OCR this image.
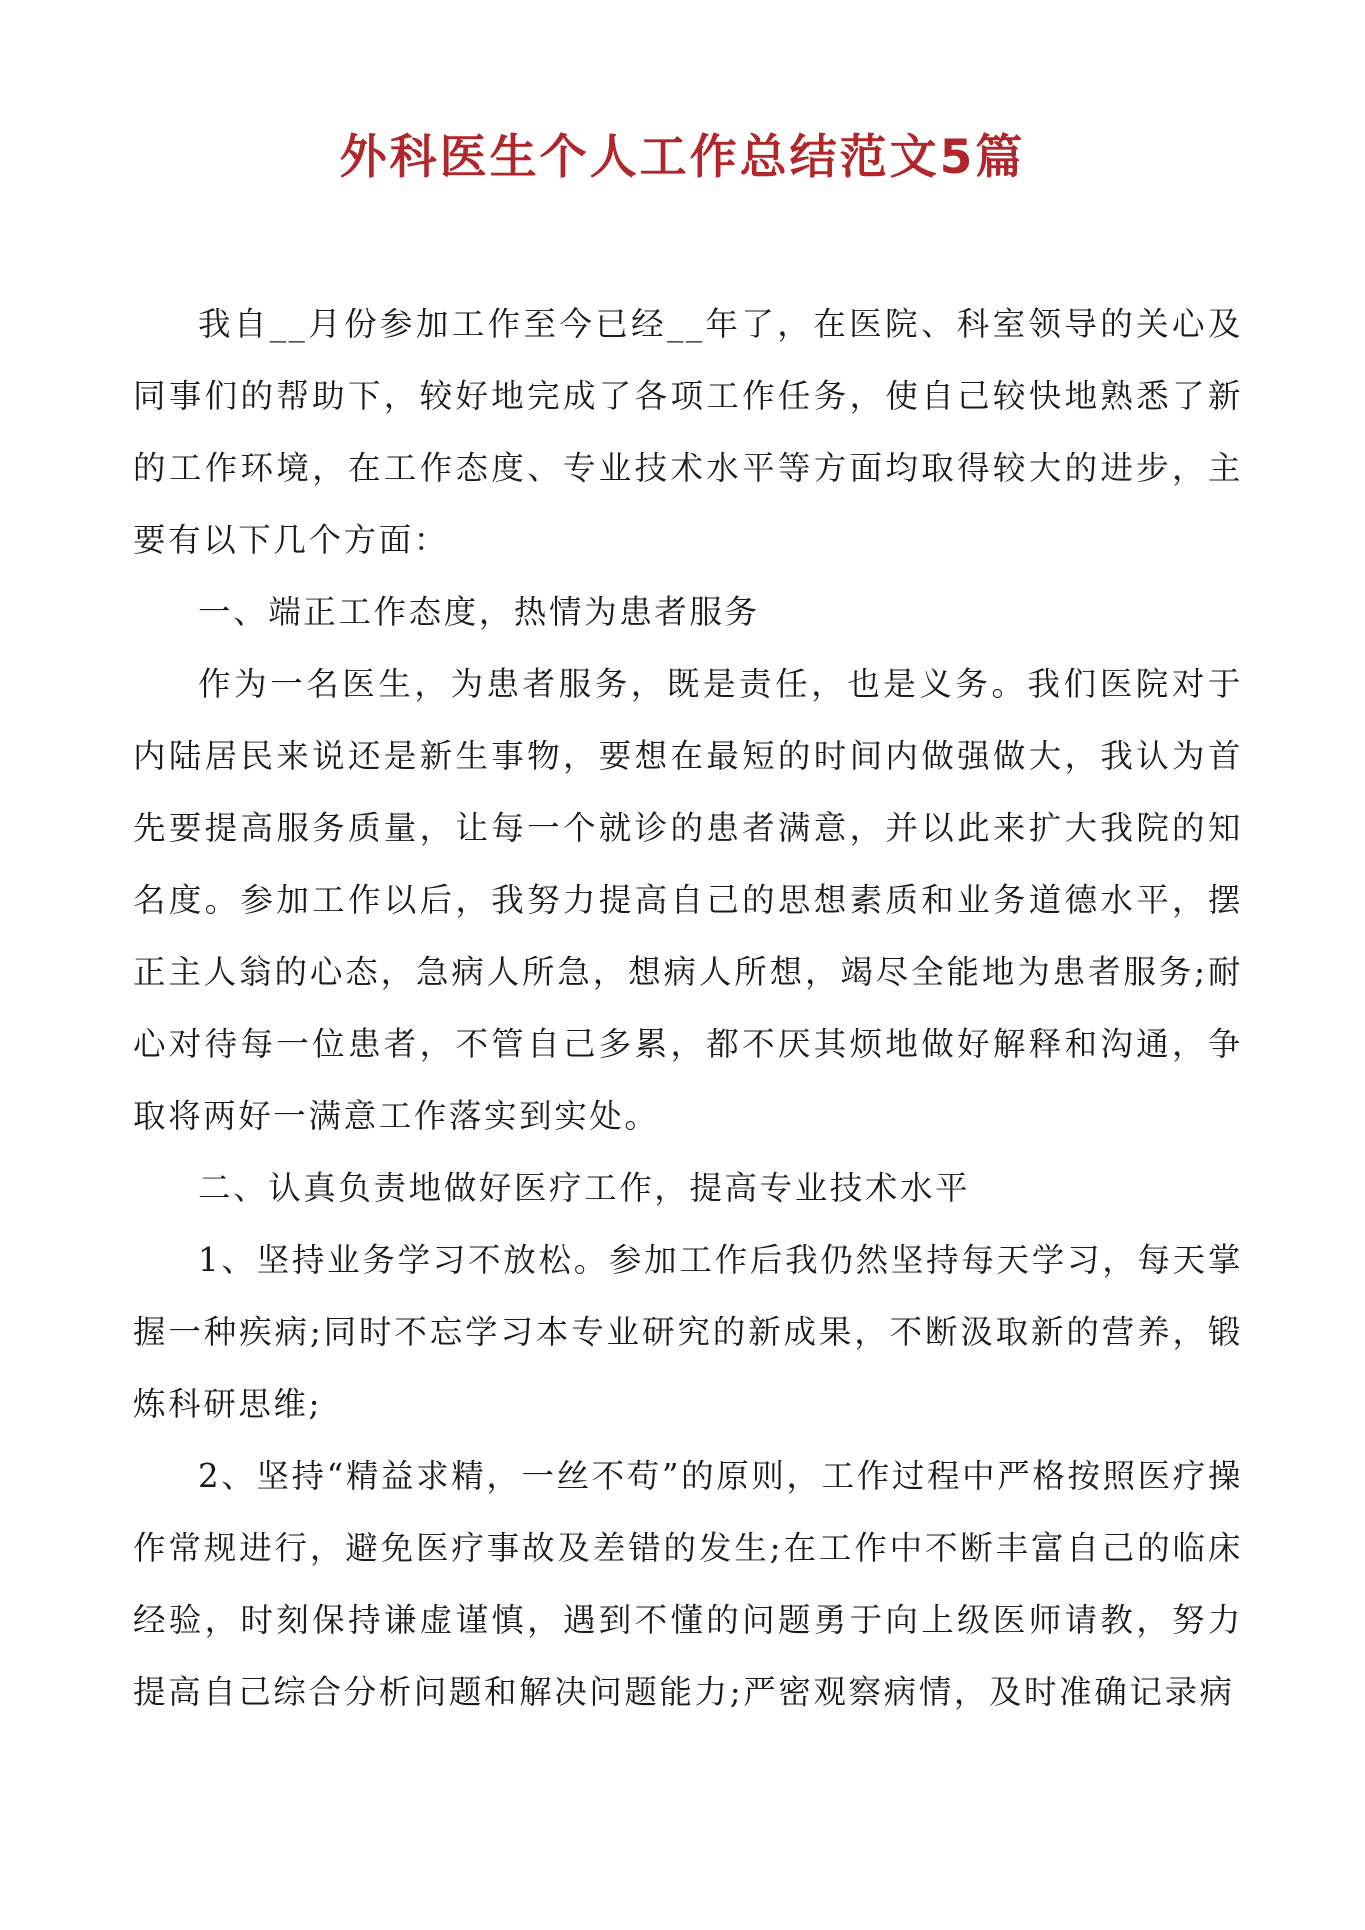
外科医生个人工作总结范文5篇

我自__月份参加工作至今已经__年了，在医院、科室领导的关心及同事们的帮助下，较好地完成了各项工作任务，使自己较快地熟悉了新的工作环境，在工作态度、专业技术水平等方面均取得较大的进步，主要有以下几个方面：

一、端正工作态度，热情为患者服务

作为一名医生，为患者服务，既是责任，也是义务。我们医院对于内陆居民来说还是新生事物，要想在最短的时间内做强做大，我认为首先要提高服务质量，让每一个就诊的患者满意，并以此来扩大我院的知名度。参加工作以后，我努力提高自己的思想素质和业务道德水平，摆正主人翁的心态，急病人所急，想病人所想，竭尽全能地为患者服务;耐心对待每一位患者，不管自己多累，都不厌其烦地做好解释和沟通，争取将两好一满意工作落实到实处。

二、认真负责地做好医疗工作，提高专业技术水平

1、坚持业务学习不放松。参加工作后我仍然坚持每天学习，每天掌握一种疾病;同时不忘学习本专业研究的新成果，不断汲取新的营养，锻炼科研思维;

2、坚持“精益求精，一丝不苟”的原则，工作过程中严格按照医疗操作常规进行，避免医疗事故及差错的发生;在工作中不断丰富自己的临床经验，时刻保持谦虚谨慎，遇到不懂的问题勇于向上级医师请教，努力提高自己综合分析问题和解决问题能力;严密观察病情，及时准确记录病
